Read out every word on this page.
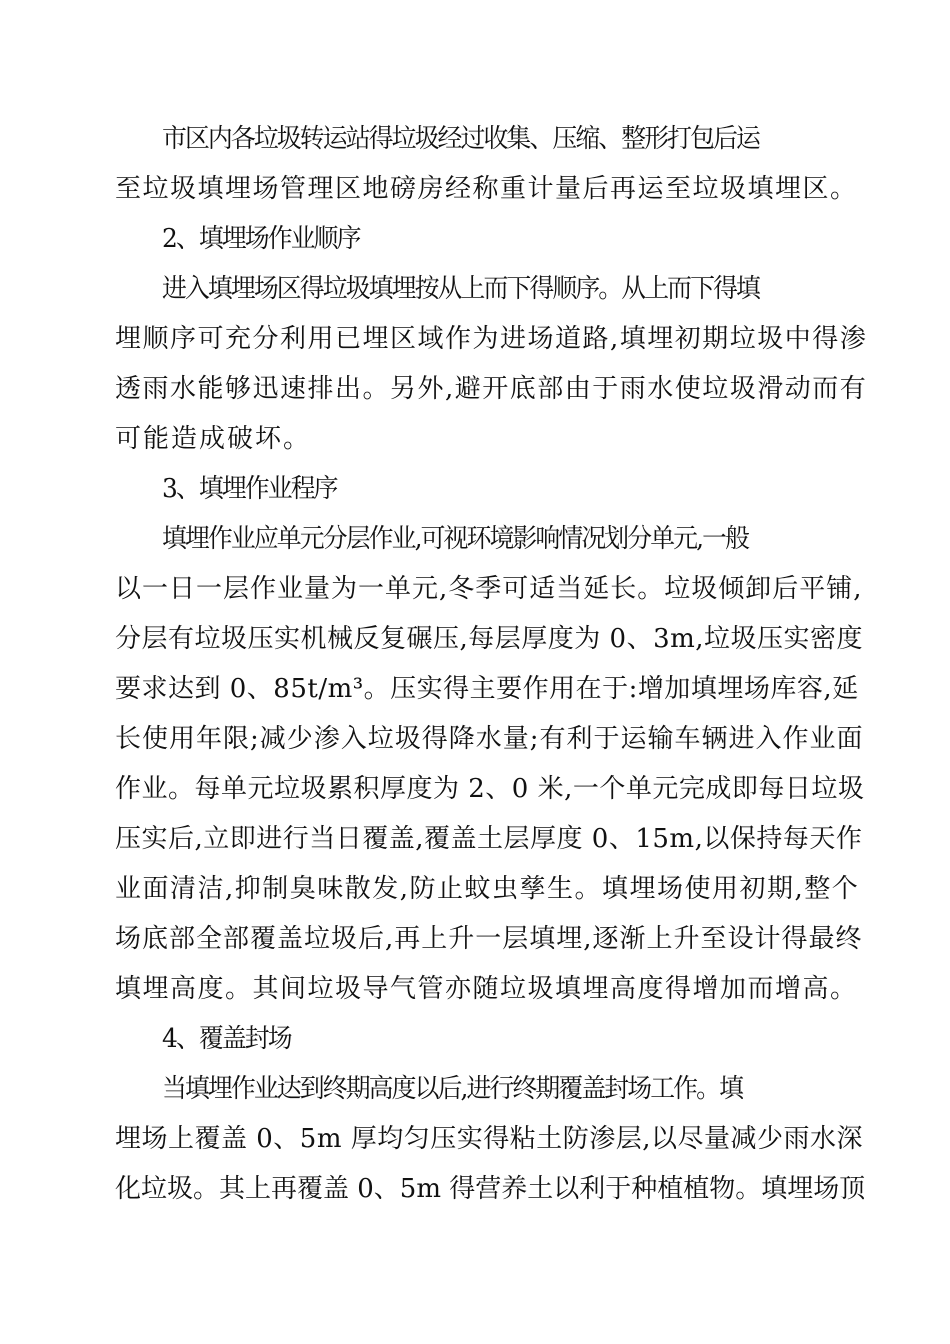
市区内各垃圾转运站得垃圾经过收集、压缩、整形打包后运
至垃圾填埋场管理区地磅房经称重计量后再运至垃圾填埋区。
2、填埋场作业顺序
进入填埋场区得垃圾填埋按从上而下得顺序。从上而下得填
埋顺序可充分利用已埋区域作为进场道路,填埋初期垃圾中得渗
透雨水能够迅速排出。另外,避开底部由于雨水使垃圾滑动而有
可能造成破坏。
3、填埋作业程序
填埋作业应单元分层作业,可视环境影响情况划分单元,一般
以一日一层作业量为一单元,冬季可适当延长。垃圾倾卸后平铺,
分层有垃圾压实机械反复碾压,每层厚度为 0、3m,垃圾压实密度
要求达到 0、85t/m³。压实得主要作用在于:增加填埋场库容,延
长使用年限;减少渗入垃圾得降水量;有利于运输车辆进入作业面
作业。每单元垃圾累积厚度为 2、0 米,一个单元完成即每日垃圾
压实后,立即进行当日覆盖,覆盖土层厚度 0、15m,以保持每天作
业面清洁,抑制臭味散发,防止蚊虫孳生。填埋场使用初期,整个
场底部全部覆盖垃圾后,再上升一层填埋,逐渐上升至设计得最终
填埋高度。其间垃圾导气管亦随垃圾填埋高度得增加而增高。
4、覆盖封场
当填埋作业达到终期高度以后,进行终期覆盖封场工作。填
埋场上覆盖 0、5m 厚均匀压实得粘土防渗层,以尽量减少雨水深
化垃圾。其上再覆盖 0、5m 得营养土以利于种植植物。填埋场顶
